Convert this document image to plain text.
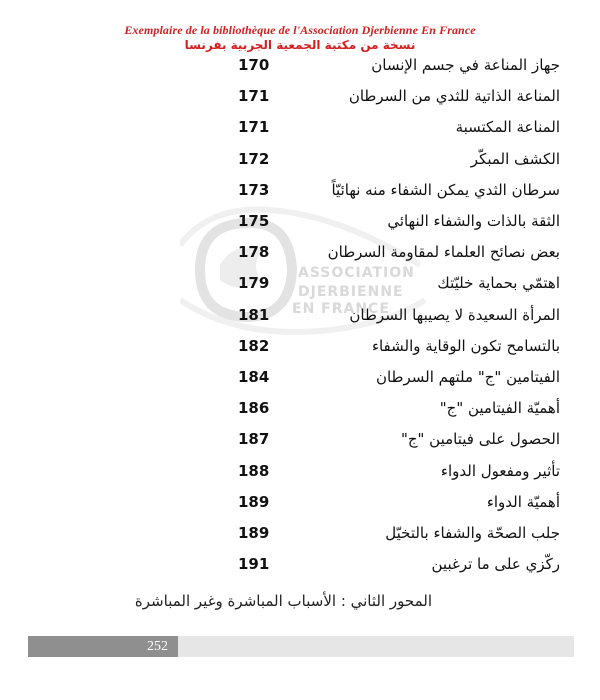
Exemplaire de la bibliothèque de l'Association Djerbienne En France
نسخة من مكتبة الجمعية الجربية بفرنسا
ASSOCIATION
DJERBIENNE
EN FRANCE
170	جهاز المناعة في جسم الإنسان
171	المناعة الذاتية للثدي من السرطان
171	المناعة المكتسبة
172	الكشف المبكّر
173	سرطان الثدي يمكن الشفاء منه نهائيّاً
175	الثقة بالذات والشفاء النهائي
178	بعض نصائح العلماء لمقاومة السرطان
179	اهتمّي بحماية خليّتك
181	المرأة السعيدة لا يصيبها السرطان
182	بالتسامح تكون الوقاية والشفاء
184	الفيتامين "ج" ملتهم السرطان
186	أهميّة الفيتامين "ج"
187	الحصول على فيتامين "ج"
188	تأثير ومفعول الدواء
189	أهميّة الدواء
189	جلب الصحّة والشفاء بالتخيّل
191	ركّزي على ما ترغبين
المحور الثاني : الأسباب المباشرة وغير المباشرة
252
